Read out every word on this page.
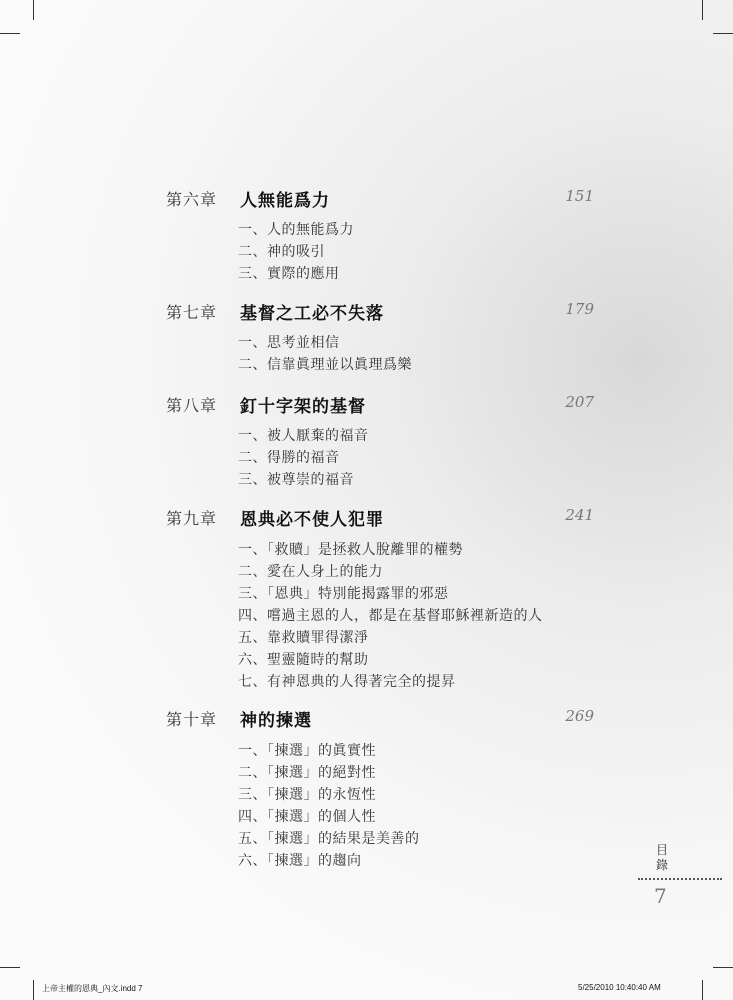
第六章 人無能爲力	151
一、人的無能爲力
二、神的吸引
三、實際的應用
第七章 基督之工必不失落	179
一、思考並相信
二、信靠眞理並以眞理爲樂
第八章 釘十字架的基督	207
一、被人厭棄的福音
二、得勝的福音
三、被尊崇的福音
第九章 恩典必不使人犯罪	241
一、「救贖」是拯救人脫離罪的權勢
二、愛在人身上的能力
三、「恩典」特別能揭露罪的邪惡
四、嚐過主恩的人，都是在基督耶穌裡新造的人
五、靠救贖罪得潔淨
六、聖靈隨時的幫助
七、有神恩典的人得著完全的提昇
第十章 神的揀選	269
一、「揀選」的眞實性
二、「揀選」的絕對性
三、「揀選」的永恆性
四、「揀選」的個人性
五、「揀選」的結果是美善的
六、「揀選」的趨向
目錄
7
上帝主權的恩典_內文.indd 7	5/25/2010 10:40:40 AM
